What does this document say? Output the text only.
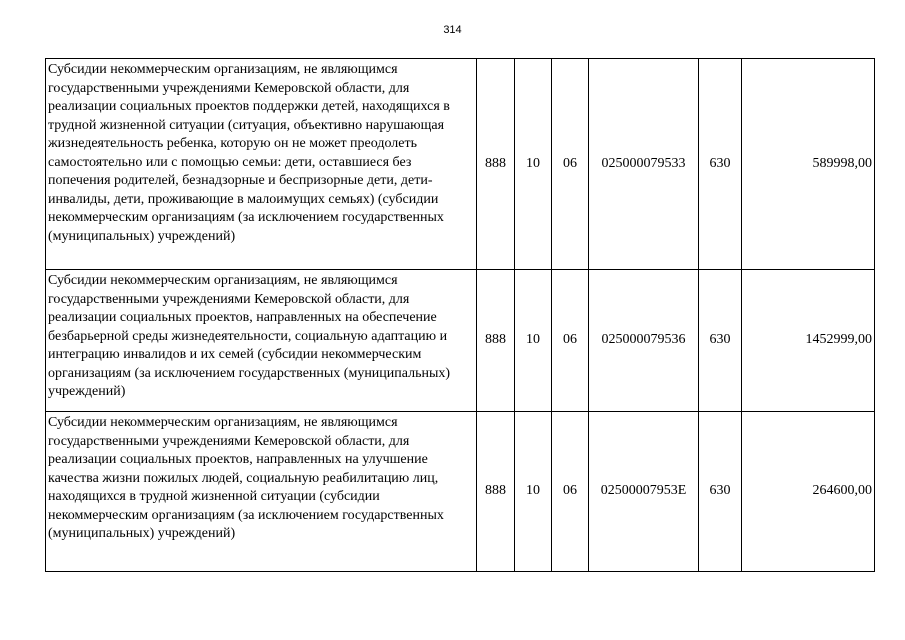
314
Субсидии некоммерческим организациям, не являющимся государственными учреждениями Кемеровской области, для реализации социальных проектов поддержки детей, находящихся в трудной жизненной ситуации (ситуация, объективно нарушающая жизнедеятельность ребенка, которую он не может преодолеть самостоятельно или с помощью семьи: дети, оставшиеся без попечения родителей, безнадзорные и беспризорные дети, дети-инвалиды, дети, проживающие в малоимущих семьях) (субсидии некоммерческим организациям (за исключением государственных (муниципальных) учреждений)	888	10	06	025000079533	630	589998,00
Субсидии некоммерческим организациям, не являющимся государственными учреждениями Кемеровской области, для реализации социальных проектов, направленных на обеспечение безбарьерной среды жизнедеятельности, социальную адаптацию и интеграцию инвалидов и их семей (субсидии некоммерческим организациям (за исключением государственных (муниципальных) учреждений)	888	10	06	025000079536	630	1452999,00
Субсидии некоммерческим организациям, не являющимся государственными учреждениями Кемеровской области, для реализации социальных проектов, направленных на улучшение качества жизни пожилых людей, социальную реабилитацию лиц, находящихся в трудной жизненной ситуации (субсидии некоммерческим организациям (за исключением государственных (муниципальных) учреждений)	888	10	06	02500007953Е	630	264600,00
